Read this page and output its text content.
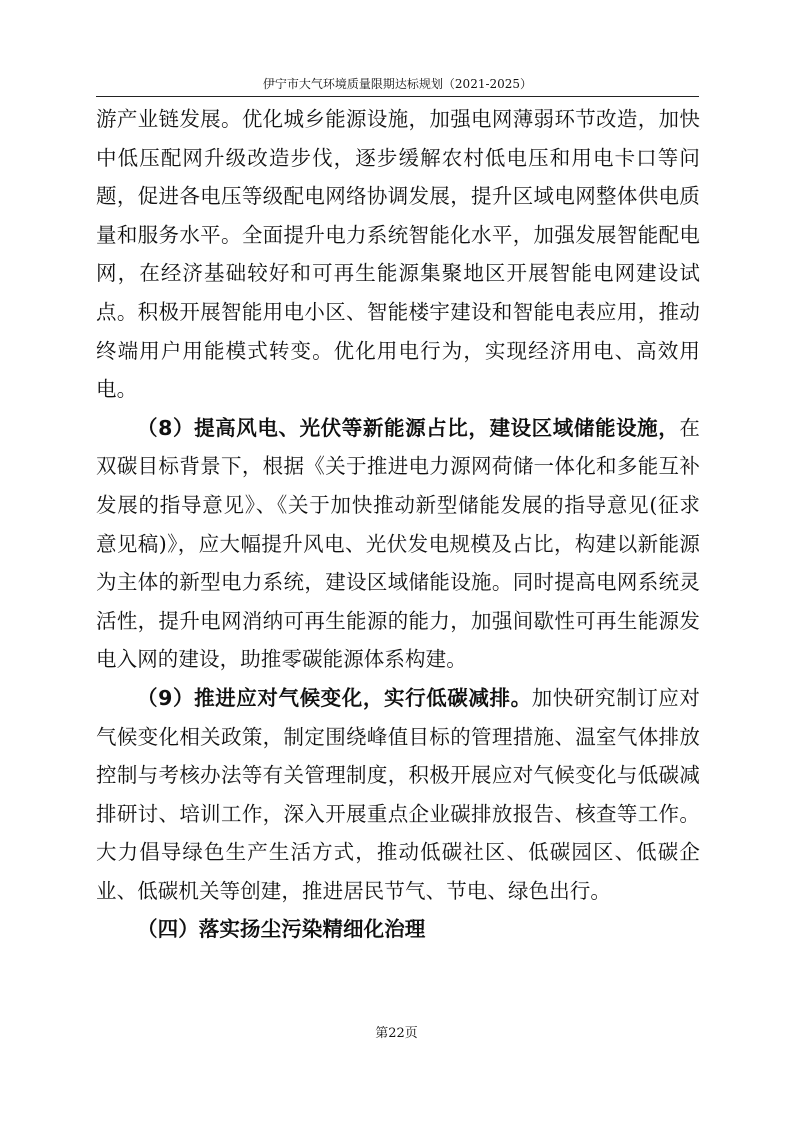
伊宁市大气环境质量限期达标规划（2021-2025）

游产业链发展。优化城乡能源设施，加强电网薄弱环节改造，加快中低压配网升级改造步伐，逐步缓解农村低电压和用电卡口等问题，促进各电压等级配电网络协调发展，提升区域电网整体供电质量和服务水平。全面提升电力系统智能化水平，加强发展智能配电网，在经济基础较好和可再生能源集聚地区开展智能电网建设试点。积极开展智能用电小区、智能楼宇建设和智能电表应用，推动终端用户用能模式转变。优化用电行为，实现经济用电、高效用电。

（8）提高风电、光伏等新能源占比，建设区域储能设施，在双碳目标背景下，根据《关于推进电力源网荷储一体化和多能互补发展的指导意见》、《关于加快推动新型储能发展的指导意见(征求意见稿)》，应大幅提升风电、光伏发电规模及占比，构建以新能源为主体的新型电力系统，建设区域储能设施。同时提高电网系统灵活性，提升电网消纳可再生能源的能力，加强间歇性可再生能源发电入网的建设，助推零碳能源体系构建。

（9）推进应对气候变化，实行低碳减排。加快研究制订应对气候变化相关政策，制定围绕峰值目标的管理措施、温室气体排放控制与考核办法等有关管理制度，积极开展应对气候变化与低碳减排研讨、培训工作，深入开展重点企业碳排放报告、核查等工作。大力倡导绿色生产生活方式，推动低碳社区、低碳园区、低碳企业、低碳机关等创建，推进居民节气、节电、绿色出行。

（四）落实扬尘污染精细化治理

第22页
